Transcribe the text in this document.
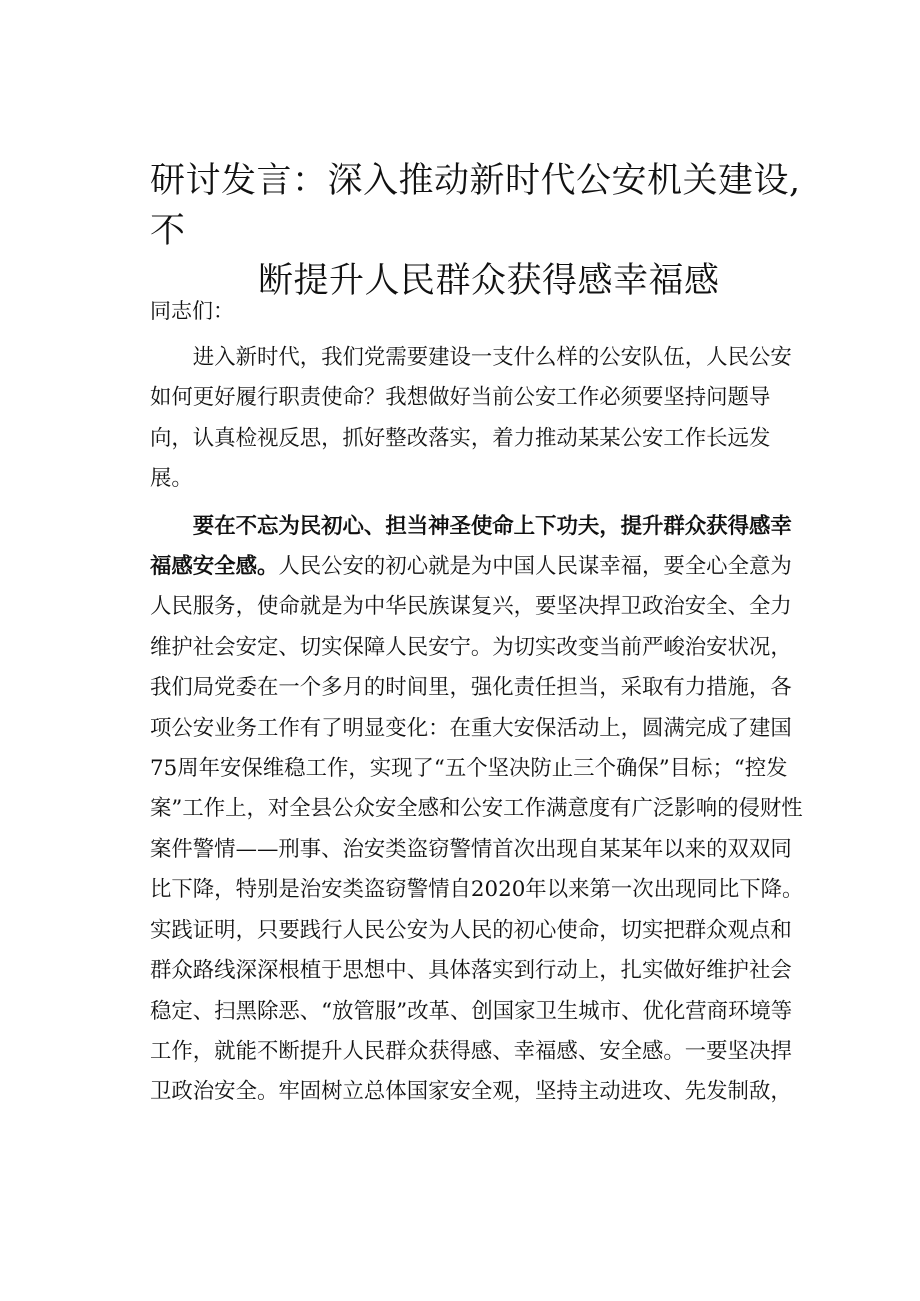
研讨发言：深入推动新时代公安机关建设,不
断提升人民群众获得感幸福感

同志们：

进入新时代，我们党需要建设一支什么样的公安队伍，人民公安如何更好履行职责使命？我想做好当前公安工作必须要坚持问题导向，认真检视反思，抓好整改落实，着力推动某某公安工作长远发展。

要在不忘为民初心、担当神圣使命上下功夫，提升群众获得感幸福感安全感。人民公安的初心就是为中国人民谋幸福，要全心全意为人民服务，使命就是为中华民族谋复兴，要坚决捍卫政治安全、全力维护社会安定、切实保障人民安宁。为切实改变当前严峻治安状况，我们局党委在一个多月的时间里，强化责任担当，采取有力措施，各项公安业务工作有了明显变化：在重大安保活动上，圆满完成了建国75周年安保维稳工作，实现了“五个坚决防止三个确保”目标；“控发案”工作上，对全县公众安全感和公安工作满意度有广泛影响的侵财性案件警情——刑事、治安类盗窃警情首次出现自某某年以来的双双同比下降，特别是治安类盗窃警情自2020年以来第一次出现同比下降。实践证明，只要践行人民公安为人民的初心使命，切实把群众观点和群众路线深深根植于思想中、具体落实到行动上，扎实做好维护社会稳定、扫黑除恶、“放管服”改革、创国家卫生城市、优化营商环境等工作，就能不断提升人民群众获得感、幸福感、安全感。一要坚决捍卫政治安全。牢固树立总体国家安全观，坚持主动进攻、先发制敌，
